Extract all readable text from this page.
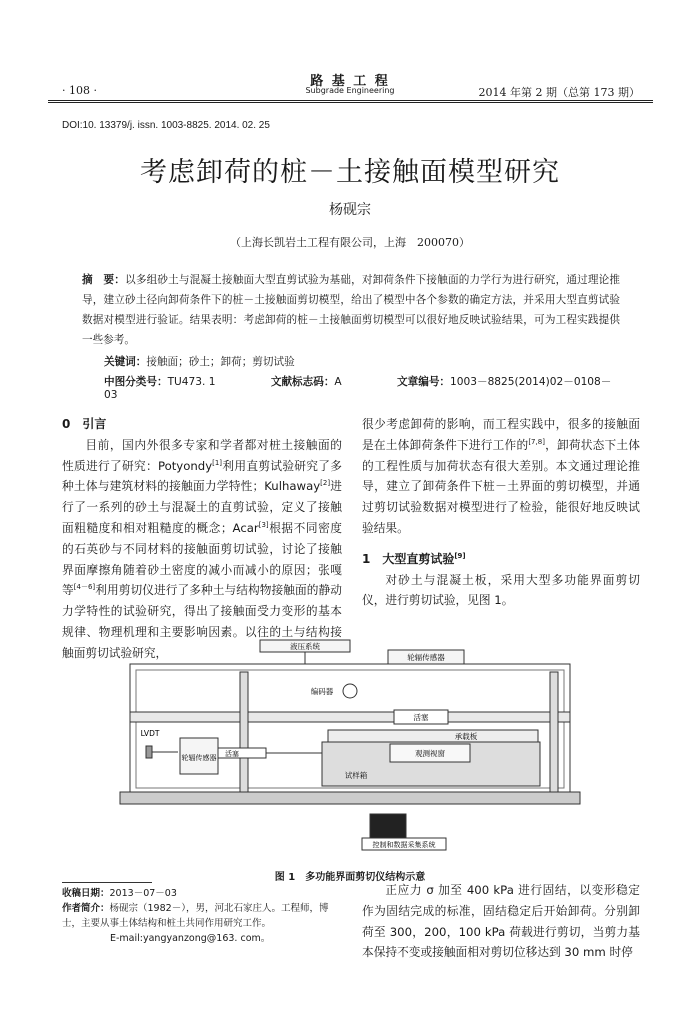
路 基 工 程
Subgrade Engineering
· 108 ·	2014 年第 2 期（总第 173 期）
DOI:10. 13379/j. issn. 1003-8825. 2014. 02. 25
考虑卸荷的桩－土接触面模型研究
杨砚宗
（上海长凯岩土工程有限公司，上海　200070）
摘　要：以多组砂土与混凝土接触面大型直剪试验为基础，对卸荷条件下接触面的力学行为进行研究，通过理论推导，建立砂土径向卸荷条件下的桩－土接触面剪切模型，给出了模型中各个参数的确定方法，并采用大型直剪试验数据对模型进行验证。结果表明：考虑卸荷的桩－土接触面剪切模型可以很好地反映试验结果，可为工程实践提供一些参考。
关键词：接触面；砂土；卸荷；剪切试验
中图分类号：TU473. 1	文献标志码：A	文章编号：1003－8825(2014)02－0108－03

0　引言

目前，国内外很多专家和学者都对桩土接触面的性质进行了研究：Potyondy[1]利用直剪试验研究了多种土体与建筑材料的接触面力学特性；Kulhaway[2]进行了一系列的砂土与混凝土的直剪试验，定义了接触面粗糙度和相对粗糙度的概念；Acar[3]根据不同密度的石英砂与不同材料的接触面剪切试验，讨论了接触界面摩擦角随着砂土密度的减小而减小的原因；张嘎等[4－6]利用剪切仪进行了多种土与结构物接触面的静动力学特性的试验研究，得出了接触面受力变形的基本规律、物理机理和主要影响因素。以往的土与结构接触面剪切试验研究，

很少考虑卸荷的影响，而工程实践中，很多的接触面是在土体卸荷条件下进行工作的[7,8]，卸荷状态下土体的工程性质与加荷状态有很大差别。本文通过理论推导，建立了卸荷条件下桩－土界面的剪切模型，并通过剪切试验数据对模型进行了检验，能很好地反映试验结果。

1　大型直剪试验[9]

对砂土与混凝土板，采用大型多功能界面剪切仪，进行剪切试验，见图 1。

液压系统
轮辐传感器
编码器
活塞
承载板
LVDT
轮辐传感器 活塞	观测视窗
试样箱
控制和数据采集系统
图 1　多功能界面剪切仪结构示意
收稿日期：2013－07－03
作者简介：杨砚宗（1982－），男，河北石家庄人。工程师，博士，主要从事土体结构和桩土共同作用研究工作。
E-mail:yangyanzong@163. com。

正应力 σ 加至 400 kPa 进行固结，以变形稳定作为固结完成的标准，固结稳定后开始卸荷。分别卸荷至 300，200，100 kPa 荷载进行剪切，当剪力基本保持不变或接触面相对剪切位移达到 30 mm 时停
